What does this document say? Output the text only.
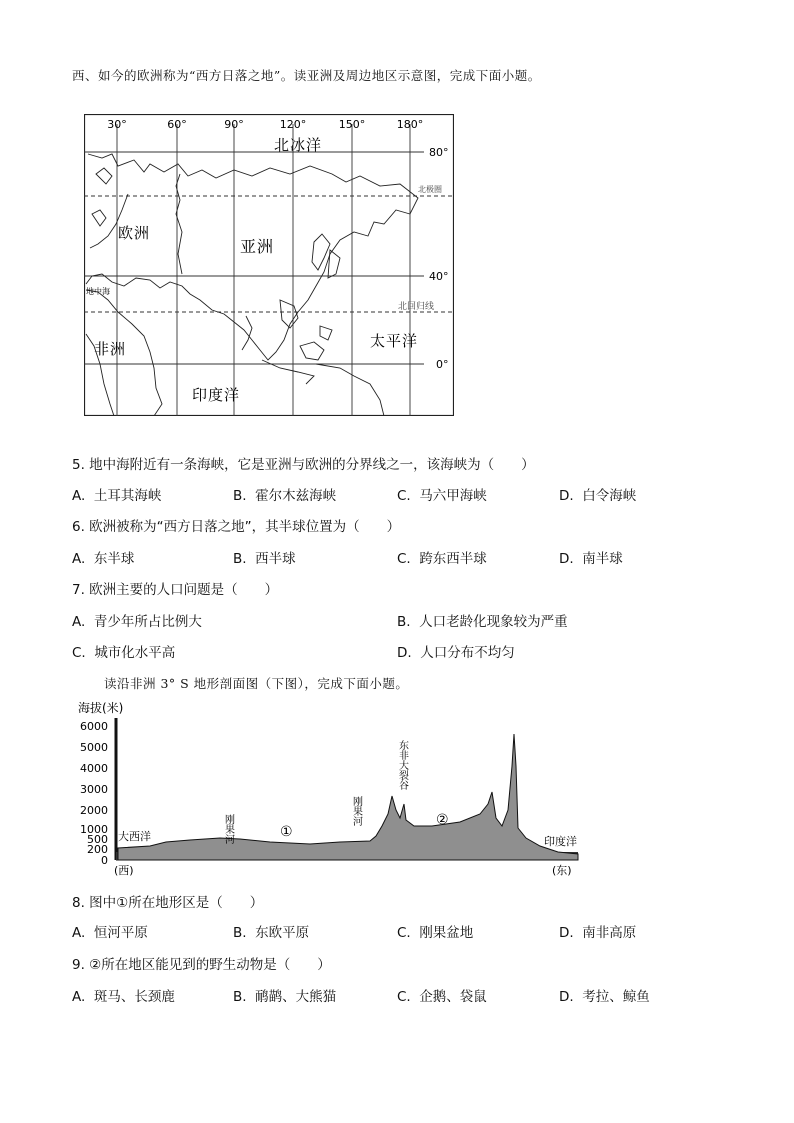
西、如今的欧洲称为“西方日落之地”。读亚洲及周边地区示意图，完成下面小题。
30°	60°	90°	120°	150°	180°
80°
40°
0°
北极圈
北回归线
北冰洋
欧洲
亚洲
地中海
非洲	太平洋
印度洋
5. 地中海附近有一条海峡，它是亚洲与欧洲的分界线之一，该海峡为（　　）
A. 土耳其海峡	B. 霍尔木兹海峡	C. 马六甲海峡	D. 白令海峡
6. 欧洲被称为“西方日落之地”，其半球位置为（　　）
A. 东半球	B. 西半球	C. 跨东西半球	D. 南半球
7. 欧洲主要的人口问题是（　　）
A. 青少年所占比例大	B. 人口老龄化现象较为严重
C. 城市化水平高	D. 人口分布不均匀
读沿非洲 3° S 地形剖面图（下图），完成下面小题。
海拔(米)
6000
5000
4000
3000
2000
1000
500
200
0
大西洋	刚果河
刚果河
东非大裂谷
①
②
印度洋
(西)	(东)
8. 图中①所在地形区是（　　）
A. 恒河平原	B. 东欧平原	C. 刚果盆地	D. 南非高原
9. ②所在地区能见到的野生动物是（　　）
A. 斑马、长颈鹿	B. 鸸鹋、大熊猫	C. 企鹅、袋鼠	D. 考拉、鲸鱼
